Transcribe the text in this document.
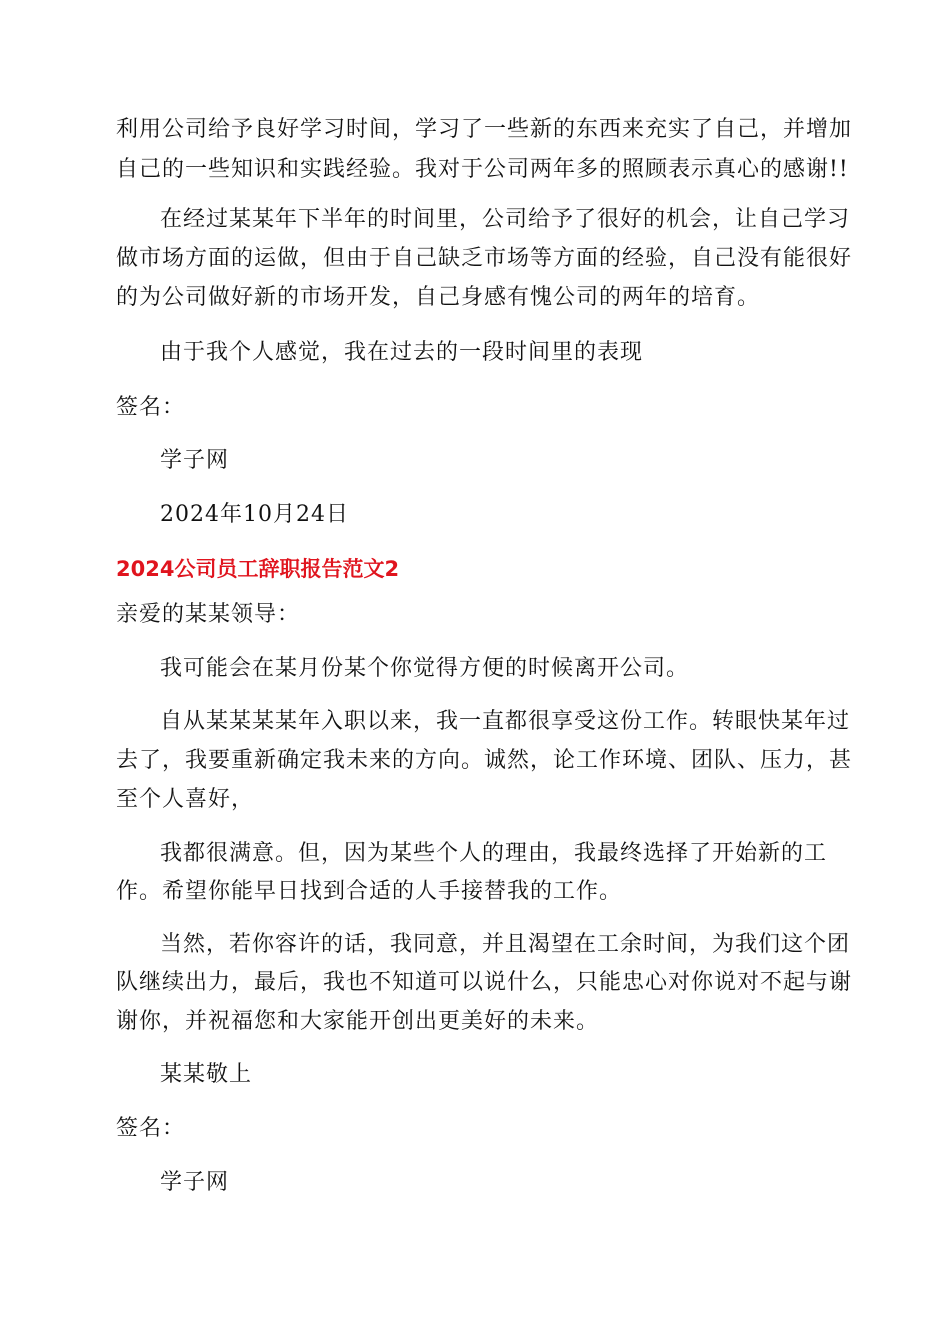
利用公司给予良好学习时间，学习了一些新的东西来充实了自己，并增加
自己的一些知识和实践经验。我对于公司两年多的照顾表示真心的感谢!!
在经过某某年下半年的时间里，公司给予了很好的机会，让自己学习
做市场方面的运做，但由于自己缺乏市场等方面的经验，自己没有能很好
的为公司做好新的市场开发，自己身感有愧公司的两年的培育。
由于我个人感觉，我在过去的一段时间里的表现
签名：
学子网
2024年10月24日
2024公司员工辞职报告范文2
亲爱的某某领导：
我可能会在某月份某个你觉得方便的时候离开公司。
自从某某某某年入职以来，我一直都很享受这份工作。转眼快某年过
去了，我要重新确定我未来的方向。诚然，论工作环境、团队、压力，甚
至个人喜好，
我都很满意。但，因为某些个人的理由，我最终选择了开始新的工
作。希望你能早日找到合适的人手接替我的工作。
当然，若你容许的话，我同意，并且渴望在工余时间，为我们这个团
队继续出力，最后，我也不知道可以说什么，只能忠心对你说对不起与谢
谢你，并祝福您和大家能开创出更美好的未来。
某某敬上
签名：
学子网
